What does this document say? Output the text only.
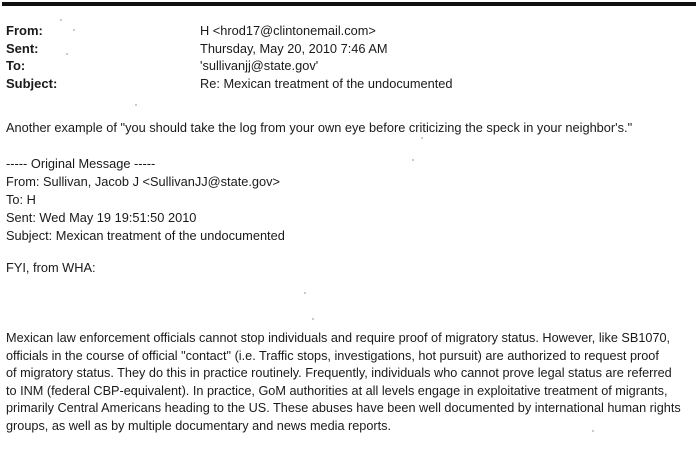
From:	H <hrod17@clintonemail.com>
Sent:	Thursday, May 20, 2010 7:46 AM
To:	'sullivanjj@state.gov'
Subject:	Re: Mexican treatment of the undocumented
Another example of "you should take the log from your own eye before criticizing the speck in your neighbor's."
----- Original Message -----
From: Sullivan, Jacob J <SullivanJJ@state.gov>
To: H
Sent: Wed May 19 19:51:50 2010
Subject: Mexican treatment of the undocumented
FYI, from WHA:
Mexican law enforcement officials cannot stop individuals and require proof of migratory status. However, like SB1070,
officials in the course of official "contact" (i.e. Traffic stops, investigations, hot pursuit) are authorized to request proof
of migratory status. They do this in practice routinely. Frequently, individuals who cannot prove legal status are referred
to INM (federal CBP-equivalent). In practice, GoM authorities at all levels engage in exploitative treatment of migrants,
primarily Central Americans heading to the US. These abuses have been well documented by international human rights
groups, as well as by multiple documentary and news media reports.
